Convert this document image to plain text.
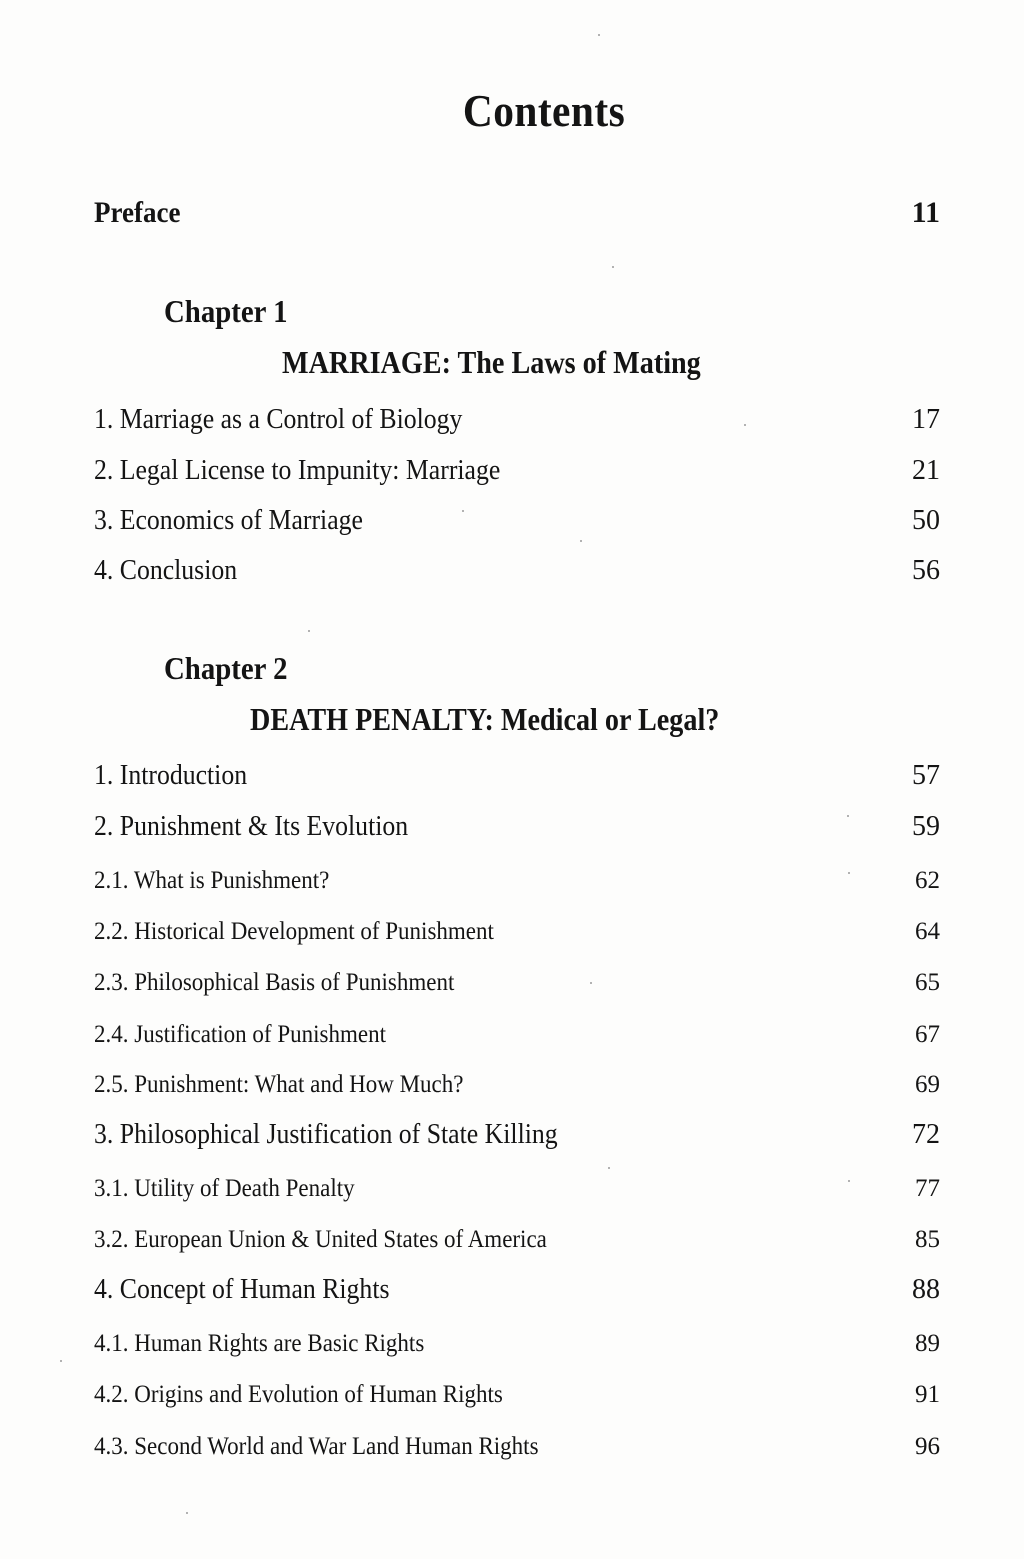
Contents
Preface	11
Chapter 1
MARRIAGE: The Laws of Mating
1. Marriage as a Control of Biology	17
2. Legal License to Impunity: Marriage	21
3. Economics of Marriage	50
4. Conclusion	56
Chapter 2
DEATH PENALTY: Medical or Legal?
1. Introduction	57
2. Punishment & Its Evolution	59
2.1. What is Punishment?	62
2.2. Historical Development of Punishment	64
2.3. Philosophical Basis of Punishment	65
2.4. Justification of Punishment	67
2.5. Punishment: What and How Much?	69
3. Philosophical Justification of State Killing	72
3.1. Utility of Death Penalty	77
3.2. European Union & United States of America	85
4. Concept of Human Rights	88
4.1. Human Rights are Basic Rights	89
4.2. Origins and Evolution of Human Rights	91
4.3. Second World and War Land Human Rights	96
